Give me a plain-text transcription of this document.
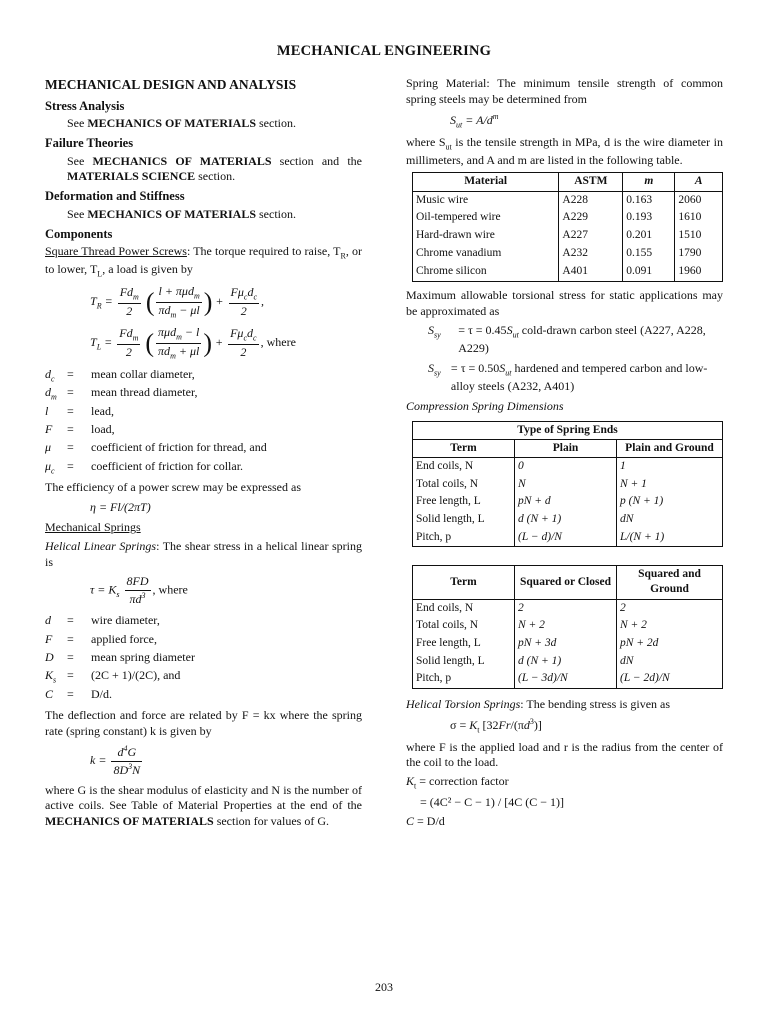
MECHANICAL ENGINEERING
MECHANICAL DESIGN AND ANALYSIS
Stress Analysis

See MECHANICS OF MATERIALS section.

Failure Theories

See MECHANICS OF MATERIALS section and the MATERIALS SCIENCE section.

Deformation and Stiffness

See MECHANICS OF MATERIALS section.

Components

Square Thread Power Screws: The torque required to raise, $T_R$, or to lower, $T_L$, a load is given by

$T_R = \frac{Fd_m}{2}$ ( $\frac{l + \pi\mu d_m}{\pi d_m - \mu l}$ ) + $\frac{F\mu_cd_c}{2}$ ,
$T_L = \frac{Fd_m}{2}$ ( $\frac{\pi\mu d_m - l}{\pi d_m + \mu l}$ ) + $\frac{F\mu_cd_c}{2}$ , where
$d_c$	=	mean collar diameter,
$d_m$ =	mean thread diameter,
l	=	lead,
F	=	load,
μ	=	coefficient of friction for thread, and
$\mu_c$	=	coefficient of friction for collar.

The efficiency of a power screw may be expressed as

η = Fl/(2πT)

Mechanical Springs

Helical Linear Springs: The shear stress in a helical linear spring is

$\tau = K_s \frac{8FD}{\pi d^3}$ , where
d	=	wire diameter,
F	=	applied force,
D	=	mean spring diameter
$K_s$ =	(2C + 1)/(2C), and
C	=	D/d.

The deflection and force are related by F = kx where the spring rate (spring constant) k is given by

$k = \frac{d^4G}{8D^3N}$

where G is the shear modulus of elasticity and N is the number of active coils. See Table of Material Properties at the end of the MECHANICS OF MATERIALS section for values of G.

Spring Material: The minimum tensile strength of common spring steels may be determined from

$S_{ut} = A/d^m$

where $S_{ut}$ is the tensile strength in MPa, d is the wire diameter in millimeters, and A and m are listed in the following table.

Material	ASTM	m	A
Music wire	A228	0.163	2060
Oil-tempered wire	A229	0.193	1610
Hard-drawn wire	A227	0.201	1510
Chrome vanadium	A232	0.155	1790
Chrome silicon	A401	0.091	1960

Maximum allowable torsional stress for static applications may be approximated as

$S_{sy}$	= $\tau = 0.45S_{ut}$ cold-drawn carbon steel (A227, A228, A229)
$S_{sy} = \tau = 0.50S_{ut}$ hardened and tempered carbon and low-alloy steels (A232, A401)

Compression Spring Dimensions

Type of Spring Ends		
Term	Plain	Plain and Ground
End coils, N	0	1
Total coils, N	N	N + 1
Free length, L	pN + d	p (N + 1)
Solid length, L	d (N + 1)	dN
Pitch, p	(L − d)/N	L/(N + 1)
Term	Squared or Closed	Squared and Ground
End coils, N	2	2
Total coils, N	N + 2	N + 2
Free length, L	pN + 3d	pN + 2d
Solid length, L	d (N + 1)	dN
Pitch, p	(L − 3d)/N	(L − 2d)/N

Helical Torsion Springs: The bending stress is given as

$\sigma = K_t$ $[32Fr/(\pi d^3)]$

where F is the applied load and r is the radius from the center of the coil to the load.

$K_t$ = correction factor
= (4C² − C − 1) / [4C (C − 1)]
C = D/d
203
